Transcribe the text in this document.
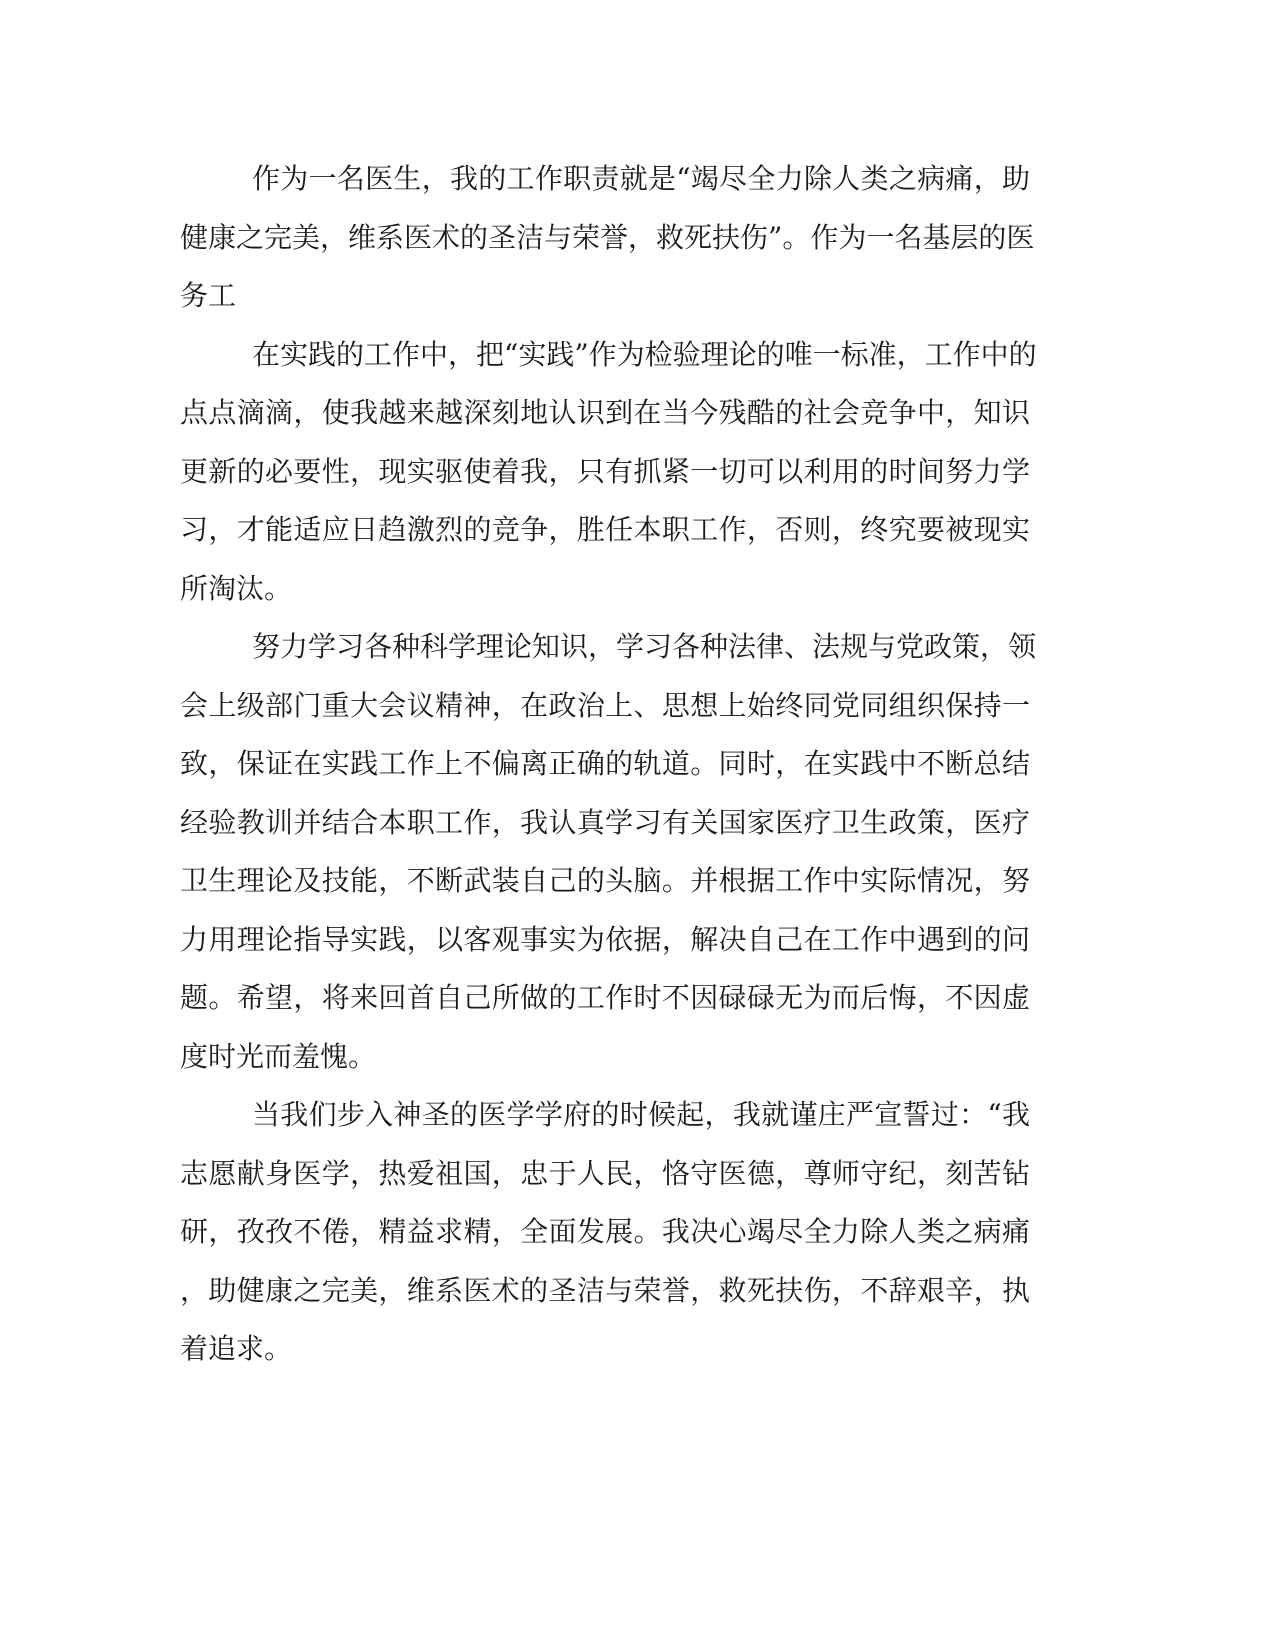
作为一名医生，我的工作职责就是“竭尽全力除人类之病痛，助
健康之完美，维系医术的圣洁与荣誉，救死扶伤”。作为一名基层的医
务工
在实践的工作中，把“实践”作为检验理论的唯一标准，工作中的
点点滴滴，使我越来越深刻地认识到在当今残酷的社会竞争中，知识
更新的必要性，现实驱使着我，只有抓紧一切可以利用的时间努力学
习，才能适应日趋激烈的竞争，胜任本职工作，否则，终究要被现实
所淘汰。
努力学习各种科学理论知识，学习各种法律、法规与党政策，领
会上级部门重大会议精神，在政治上、思想上始终同党同组织保持一
致，保证在实践工作上不偏离正确的轨道。同时，在实践中不断总结
经验教训并结合本职工作，我认真学习有关国家医疗卫生政策，医疗
卫生理论及技能，不断武装自己的头脑。并根据工作中实际情况，努
力用理论指导实践，以客观事实为依据，解决自己在工作中遇到的问
题。希望，将来回首自己所做的工作时不因碌碌无为而后悔，不因虚
度时光而羞愧。
当我们步入神圣的医学学府的时候起，我就谨庄严宣誓过：“我
志愿献身医学，热爱祖国，忠于人民，恪守医德，尊师守纪，刻苦钻
研，孜孜不倦，精益求精，全面发展。我决心竭尽全力除人类之病痛
，助健康之完美，维系医术的圣洁与荣誉，救死扶伤，不辞艰辛，执
着追求。
